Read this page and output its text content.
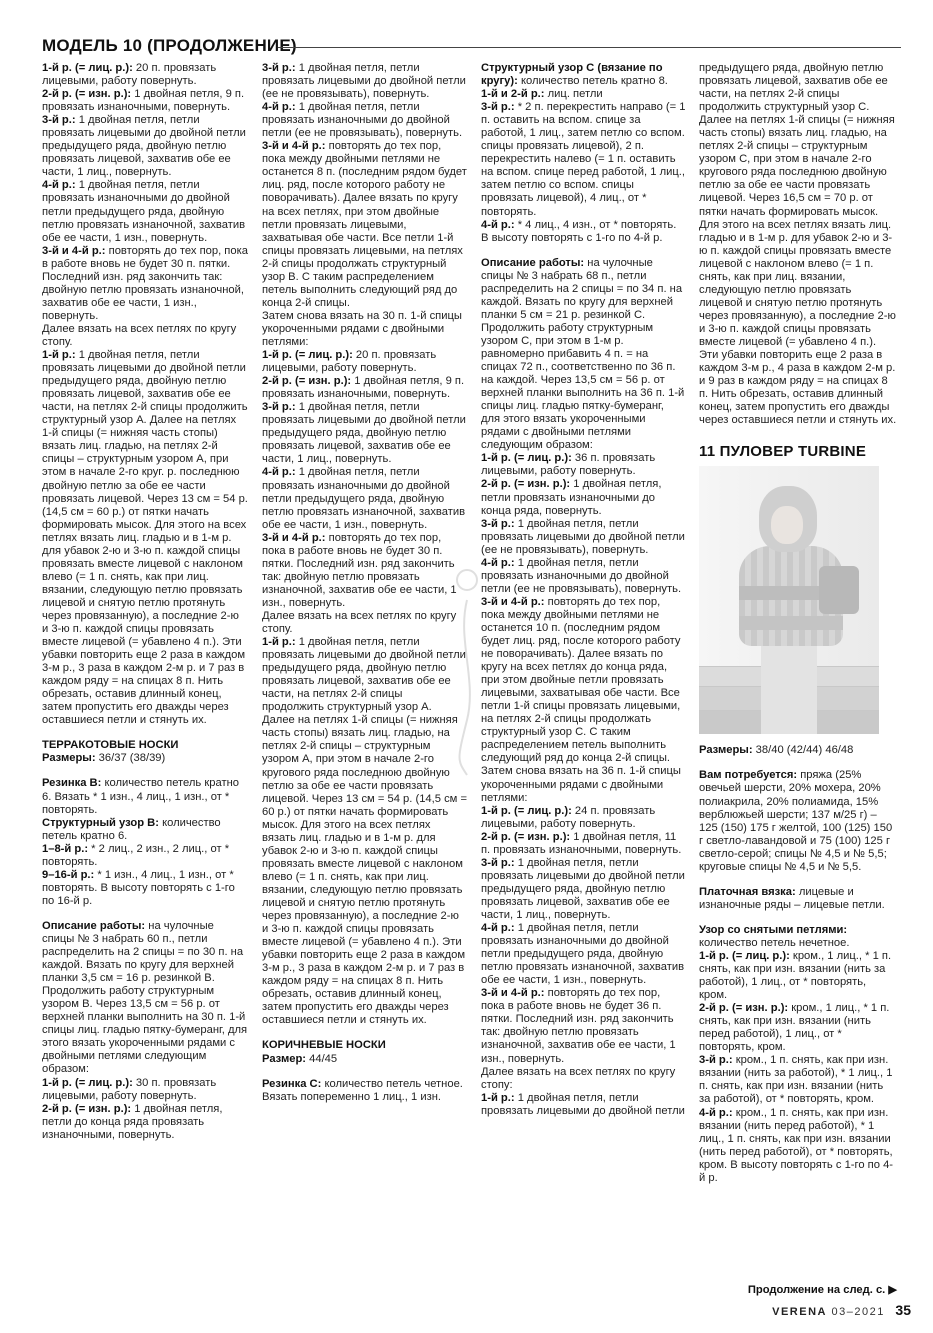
МОДЕЛЬ 10 (ПРОДОЛЖЕНИЕ)

1-й р. (= лиц. р.): 20 п. провязать лицевыми, работу повернуть.

2-й р. (= изн. р.): 1 двойная петля, 9 п. провязать изнаночными, повернуть.

3-й р.: 1 двойная петля, петли провязать лицевыми до двойной петли предыдущего ряда, двойную петлю провязать лицевой, захватив обе ее части, 1 лиц., повернуть.

4-й р.: 1 двойная петля, петли провязать изнаночными до двойной петли предыдущего ряда, двойную петлю провязать изнаночной, захватив обе ее части, 1 изн., повернуть.

3-й и 4-й р.: повторять до тех пор, пока в работе вновь не будет 30 п. пятки. Последний изн. ряд закончить так: двойную петлю провязать изнаночной, захватив обе ее части, 1 изн., повернуть.

Далее вязать на всех петлях по кругу стопу.

1-й р.: 1 двойная петля, петли провязать лицевыми до двойной петли предыдущего ряда, двойную петлю провязать лицевой, захватив обе ее части, на петлях 2-й спицы продолжить структурный узор А. Далее на петлях 1-й спицы (= нижняя часть стопы) вязать лиц. гладью, на петлях 2-й спицы – структурным узором А, при этом в начале 2-го круг. р. последнюю двойную петлю за обе ее части провязать лицевой. Через 13 см = 54 р. (14,5 см = 60 р.) от пятки начать формировать мысок. Для этого на всех петлях вязать лиц. гладью и в 1-м р. для убавок 2-ю и 3-ю п. каждой спицы провязать вместе лицевой с наклоном влево (= 1 п. снять, как при лиц. вязании, следующую петлю провязать лицевой и снятую петлю протянуть через провязанную), а последние 2-ю и 3-ю п. каждой спицы провязать вместе лицевой (= убавлено 4 п.). Эти убавки повторить еще 2 раза в каждом 3-м р., 3 раза в каждом 2-м р. и 7 раз в каждом ряду = на спицах 8 п. Нить обрезать, оставив длинный конец, затем пропустить его дважды через оставшиеся петли и стянуть их.

ТЕРРАКОТОВЫЕ НОСКИ

Размеры: 36/37 (38/39)

Резинка В: количество петель кратно 6. Вязать * 1 изн., 4 лиц., 1 изн., от * повторять.

Структурный узор В: количество петель кратно 6.

1–8-й р.: * 2 лиц., 2 изн., 2 лиц., от * повторять.

9–16-й р.: * 1 изн., 4 лиц., 1 изн., от * повторять. В высоту повторять с 1-го по 16-й р.

Описание работы: на чулочные спицы № 3 набрать 60 п., петли распределить на 2 спицы = по 30 п. на каждой. Вязать по кругу для верхней планки 3,5 см = 16 р. резинкой В. Продолжить работу структурным узором В. Через 13,5 см = 56 р. от верхней планки выполнить на 30 п. 1-й спицы лиц. гладью пятку-бумеранг, для этого вязать укороченными рядами с двойными петлями следующим образом:

1-й р. (= лиц. р.): 30 п. провязать лицевыми, работу повернуть.

2-й р. (= изн. р.): 1 двойная петля, петли до конца ряда провязать изнаночными, повернуть.

3-й р.: 1 двойная петля, петли провязать лицевыми до двойной петли (ее не провязывать), повернуть.

4-й р.: 1 двойная петля, петли провязать изнаночными до двойной петли (ее не провязывать), повернуть.

3-й и 4-й р.: повторять до тех пор, пока между двойными петлями не останется 8 п. (последним рядом будет лиц. ряд, после которого работу не поворачивать). Далее вязать по кругу на всех петлях, при этом двойные петли провязать лицевыми, захватывая обе части. Все петли 1-й спицы провязать лицевыми, на петлях 2-й спицы продолжать структурный узор В. С таким распределением петель выполнить следующий ряд до конца 2-й спицы.

Затем снова вязать на 30 п. 1-й спицы укороченными рядами с двойными петлями:

1-й р. (= лиц. р.): 20 п. провязать лицевыми, работу повернуть.

2-й р. (= изн. р.): 1 двойная петля, 9 п. провязать изнаночными, повернуть.

3-й р.: 1 двойная петля, петли провязать лицевыми до двойной петли предыдущего ряда, двойную петлю провязать лицевой, захватив обе ее части, 1 лиц., повернуть.

4-й р.: 1 двойная петля, петли провязать изнаночными до двойной петли предыдущего ряда, двойную петлю провязать изнаночной, захватив обе ее части, 1 изн., повернуть.

3-й и 4-й р.: повторять до тех пор, пока в работе вновь не будет 30 п. пятки. Последний изн. ряд закончить так: двойную петлю провязать изнаночной, захватив обе ее части, 1 изн., повернуть.

Далее вязать на всех петлях по кругу стопу.

1-й р.: 1 двойная петля, петли провязать лицевыми до двойной петли предыдущего ряда, двойную петлю провязать лицевой, захватив обе ее части, на петлях 2-й спицы продолжить структурный узор А. Далее на петлях 1-й спицы (= нижняя часть стопы) вязать лиц. гладью, на петлях 2-й спицы – структурным узором А, при этом в начале 2-го кругового ряда последнюю двойную петлю за обе ее части провязать лицевой. Через 13 см = 54 р. (14,5 см = 60 р.) от пятки начать формировать мысок. Для этого на всех петлях вязать лиц. гладью и в 1-м р. для убавок 2-ю и 3-ю п. каждой спицы провязать вместе лицевой с наклоном влево (= 1 п. снять, как при лиц. вязании, следующую петлю провязать лицевой и снятую петлю протянуть через провязанную), а последние 2-ю и 3-ю п. каждой спицы провязать вместе лицевой (= убавлено 4 п.). Эти убавки повторить еще 2 раза в каждом 3-м р., 3 раза в каждом 2-м р. и 7 раз в каждом ряду = на спицах 8 п. Нить обрезать, оставив длинный конец, затем пропустить его дважды через оставшиеся петли и стянуть их.

КОРИЧНЕВЫЕ НОСКИ

Размер: 44/45

Резинка С: количество петель четное. Вязать попеременно 1 лиц., 1 изн.

Структурный узор С (вязание по кругу): количество петель кратно 8.

1-й и 2-й р.: лиц. петли

3-й р.: * 2 п. перекрестить направо (= 1 п. оставить на вспом. спице за работой, 1 лиц., затем петлю со вспом. спицы провязать лицевой), 2 п. перекрестить налево (= 1 п. оставить на вспом. спице перед работой, 1 лиц., затем петлю со вспом. спицы провязать лицевой), 4 лиц., от * повторять.

4-й р.: * 4 лиц., 4 изн., от * повторять. В высоту повторять с 1-го по 4-й р.

Описание работы: на чулочные спицы № 3 набрать 68 п., петли распределить на 2 спицы = по 34 п. на каждой. Вязать по кругу для верхней планки 5 см = 21 р. резинкой С. Продолжить работу структурным узором С, при этом в 1-м р. равномерно прибавить 4 п. = на спицах 72 п., соответственно по 36 п. на каждой. Через 13,5 см = 56 р. от верхней планки выполнить на 36 п. 1-й спицы лиц. гладью пятку-бумеранг, для этого вязать укороченными рядами с двойными петлями следующим образом:

1-й р. (= лиц. р.): 36 п. провязать лицевыми, работу повернуть.

2-й р. (= изн. р.): 1 двойная петля, петли провязать изнаночными до конца ряда, повернуть.

3-й р.: 1 двойная петля, петли провязать лицевыми до двойной петли (ее не провязывать), повернуть.

4-й р.: 1 двойная петля, петли провязать изнаночными до двойной петли (ее не провязывать), повернуть.

3-й и 4-й р.: повторять до тех пор, пока между двойными петлями не останется 10 п. (последним рядом будет лиц. ряд, после которого работу не поворачивать). Далее вязать по кругу на всех петлях до конца ряда, при этом двойные петли провязать лицевыми, захватывая обе части. Все петли 1-й спицы провязать лицевыми, на петлях 2-й спицы продолжать структурный узор С. С таким распределением петель выполнить следующий ряд до конца 2-й спицы.

Затем снова вязать на 36 п. 1-й спицы укороченными рядами с двойными петлями:

1-й р. (= лиц. р.): 24 п. провязать лицевыми, работу повернуть.

2-й р. (= изн. р.): 1 двойная петля, 11 п. провязать изнаночными, повернуть.

3-й р.: 1 двойная петля, петли провязать лицевыми до двойной петли предыдущего ряда, двойную петлю провязать лицевой, захватив обе ее части, 1 лиц., повернуть.

4-й р.: 1 двойная петля, петли провязать изнаночными до двойной петли предыдущего ряда, двойную петлю провязать изнаночной, захватив обе ее части, 1 изн., повернуть.

3-й и 4-й р.: повторять до тех пор, пока в работе вновь не будет 36 п. пятки. Последний изн. ряд закончить так: двойную петлю провязать изнаночной, захватив обе ее части, 1 изн., повернуть.

Далее вязать на всех петлях по кругу стопу:

1-й р.: 1 двойная петля, петли провязать лицевыми до двойной петли

предыдущего ряда, двойную петлю провязать лицевой, захватив обе ее части, на петлях 2-й спицы продолжить структурный узор С. Далее на петлях 1-й спицы (= нижняя часть стопы) вязать лиц. гладью, на петлях 2-й спицы – структурным узором С, при этом в начале 2-го кругового ряда последнюю двойную петлю за обе ее части провязать лицевой. Через 16,5 см = 70 р. от пятки начать формировать мысок. Для этого на всех петлях вязать лиц. гладью и в 1-м р. для убавок 2-ю и 3-ю п. каждой спицы провязать вместе лицевой с наклоном влево (= 1 п. снять, как при лиц. вязании, следующую петлю провязать лицевой и снятую петлю протянуть через провязанную), а последние 2-ю и 3-ю п. каждой спицы провязать вместе лицевой (= убавлено 4 п.). Эти убавки повторить еще 2 раза в каждом 3-м р., 4 раза в каждом 2-м р. и 9 раз в каждом ряду = на спицах 8 п. Нить обрезать, оставив длинный конец, затем пропустить его дважды через оставшиеся петли и стянуть их.

11 ПУЛОВЕР TURBINE

Размеры: 38/40 (42/44) 46/48

Вам потребуется: пряжа (25% овечьей шерсти, 20% мохера, 20% полиакрила, 20% полиамида, 15% верблюжьей шерсти; 137 м/25 г) – 125 (150) 175 г желтой, 100 (125) 150 г светло-лавандовой и 75 (100) 125 г светло-серой; спицы № 4,5 и № 5,5; круговые спицы № 4,5 и № 5,5.

Платочная вязка: лицевые и изнаночные ряды – лицевые петли.

Узор со снятыми петлями: количество петель нечетное.

1-й р. (= лиц. р.): кром., 1 лиц., * 1 п. снять, как при изн. вязании (нить за работой), 1 лиц., от * повторять, кром.

2-й р. (= изн. р.): кром., 1 лиц., * 1 п. снять, как при изн. вязании (нить перед работой), 1 лиц., от * повторять, кром.

3-й р.: кром., 1 п. снять, как при изн. вязании (нить за работой), * 1 лиц., 1 п. снять, как при изн. вязании (нить за работой), от * повторять, кром.

4-й р.: кром., 1 п. снять, как при изн. вязании (нить перед работой), * 1 лиц., 1 п. снять, как при изн. вязании (нить перед работой), от * повторять, кром. В высоту повторять с 1-го по 4-й р.

Продолжение на след. с. ▶
VERENA 03–2021 35
